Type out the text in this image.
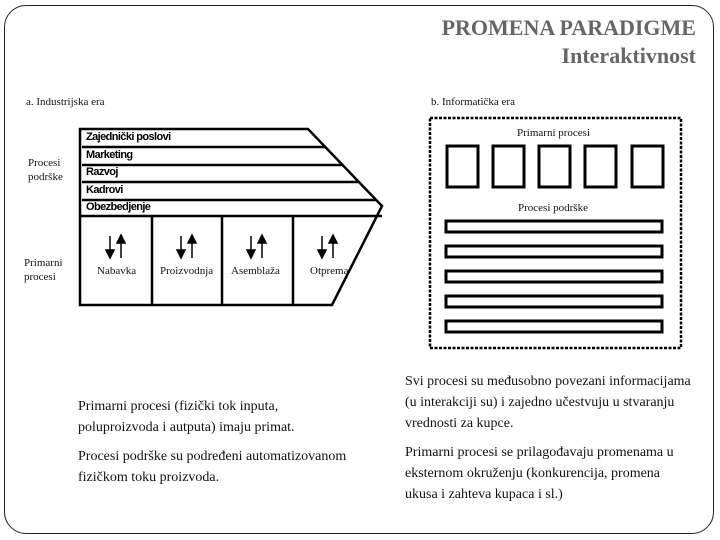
PROMENA PARADIGME
Interaktivnost
a. Industrijska era
Procesi podrške
Primarni procesi
Zajednički poslovi
Marketing
Razvoj
Kadrovi
Obezbedjenje
Nabavka Proizvodnja Asemblaža	Otprema
b. Informatička era
Primarni procesi
Procesi podrške

Primarni procesi (fizički tok inputa, poluproizvoda i autputa) imaju primat.

Procesi podrške su podređeni automatizovanom fizičkom toku proizvoda.

Svi procesi su međusobno povezani informacijama (u interakciji su) i zajedno učestvuju u stvaranju vrednosti za kupce.

Primarni procesi se prilagođavaju promenama u eksternom okruženju (konkurencija, promena ukusa i zahteva kupaca i sl.)
